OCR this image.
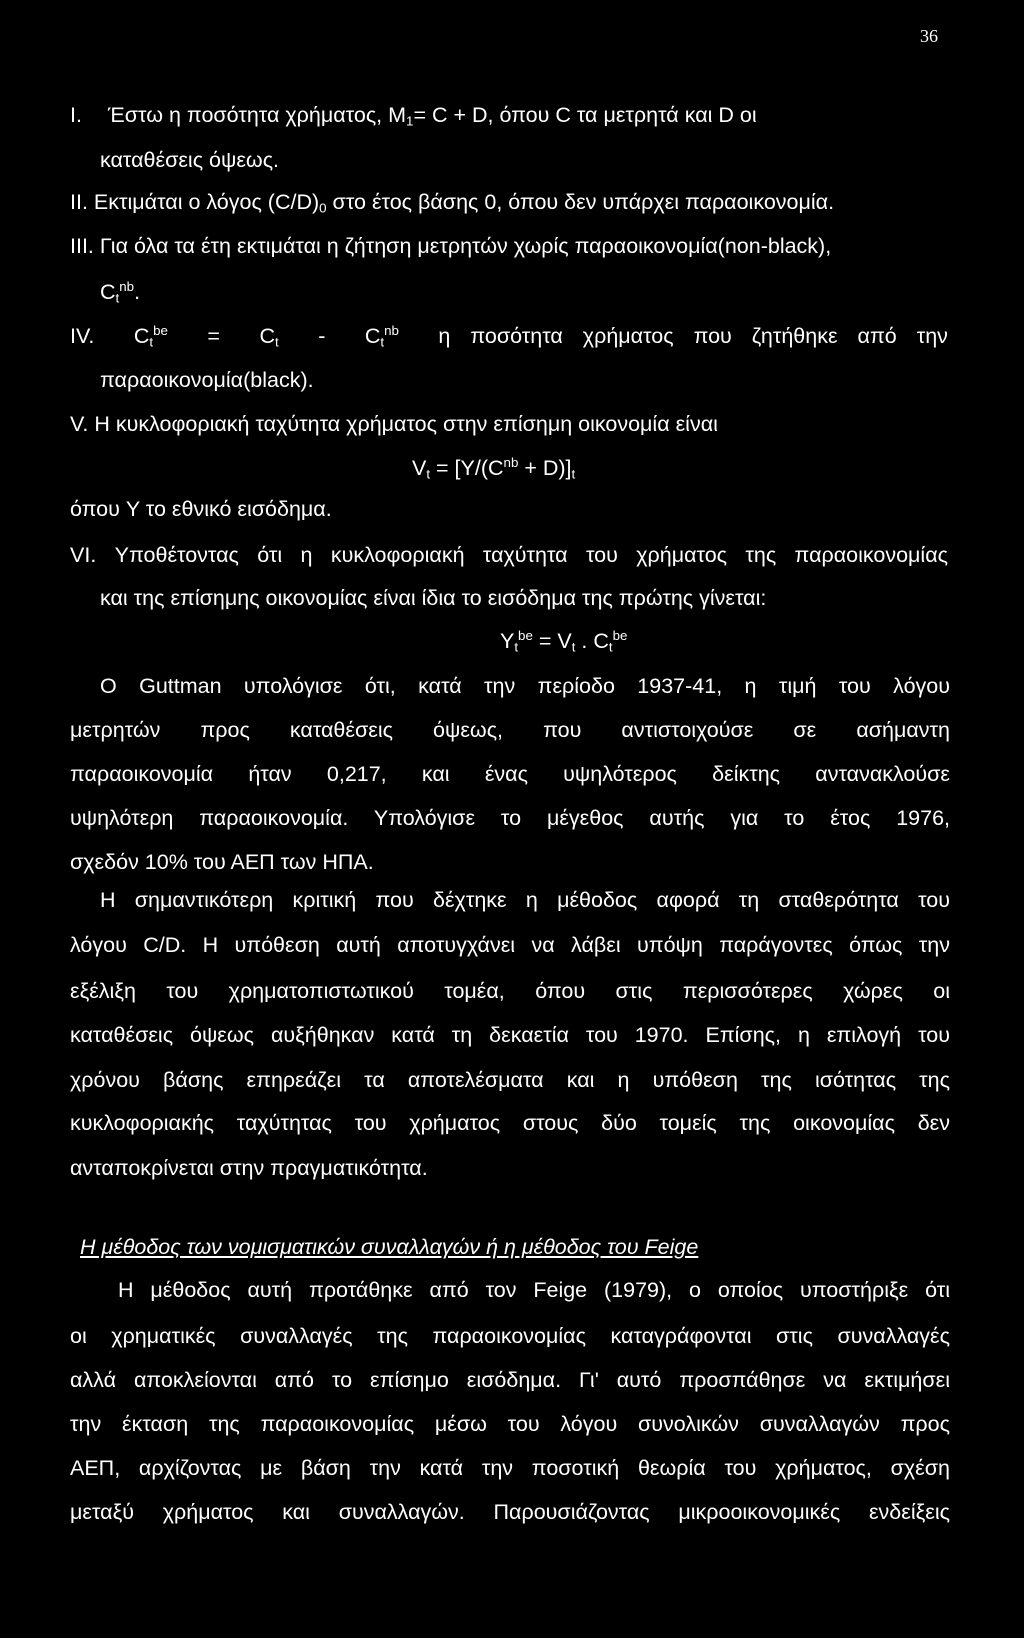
36
I. Έστω η ποσότητα χρήματος, $M_1= C + D$, όπου C τα μετρητά και D οι
καταθέσεις όψεως.
II. Εκτιμάται ο λόγος $(C/D)_0$ στο έτος βάσης 0, όπου δεν υπάρχει παραοικονομία.
III. Για όλα τα έτη εκτιμάται η ζήτηση μετρητών χωρίς παραοικονομία(non-black),
$C_t^{nb}$.
IV. $C_t^{be} = C_t - C_t^{nb}$ η ποσότητα χρήματος που ζητήθηκε από την
παραοικονομία(black).
V. Η κυκλοφοριακή ταχύτητα χρήματος στην επίσημη οικονομία είναι
$V_t = [Y/(C^{nb} + D)]_t$
όπου Y το εθνικό εισόδημα.
VI. Υποθέτοντας ότι η κυκλοφοριακή ταχύτητα του χρήματος της παραοικονομίας
και της επίσημης οικονομίας είναι ίδια το εισόδημα της πρώτης γίνεται:
$Y_t^{be} = V_t$ . $C_t^{be}$
Ο Guttman υπολόγισε ότι, κατά την περίοδο 1937-41, η τιμή του λόγου
μετρητών προς καταθέσεις όψεως, που αντιστοιχούσε σε ασήμαντη
παραοικονομία ήταν 0,217, και ένας υψηλότερος δείκτης αντανακλούσε
υψηλότερη παραοικονομία. Υπολόγισε το μέγεθος αυτής για το έτος 1976,
σχεδόν 10% του ΑΕΠ των ΗΠΑ.
Η σημαντικότερη κριτική που δέχτηκε η μέθοδος αφορά τη σταθερότητα του
λόγου C/D. Η υπόθεση αυτή αποτυγχάνει να λάβει υπόψη παράγοντες όπως την
εξέλιξη του χρηματοπιστωτικού τομέα, όπου στις περισσότερες χώρες οι
καταθέσεις όψεως αυξήθηκαν κατά τη δεκαετία του 1970. Επίσης, η επιλογή του
χρόνου βάσης επηρεάζει τα αποτελέσματα και η υπόθεση της ισότητας της
κυκλοφοριακής ταχύτητας του χρήματος στους δύο τομείς της οικονομίας δεν
ανταποκρίνεται στην πραγματικότητα.
Η μέθοδος των νομισματικών συναλλαγών ή η μέθοδος του Feige
Η μέθοδος αυτή προτάθηκε από τον Feige (1979), ο οποίος υποστήριξε ότι
οι χρηματικές συναλλαγές της παραοικονομίας καταγράφονται στις συναλλαγές
αλλά αποκλείονται από το επίσημο εισόδημα. Γι' αυτό προσπάθησε να εκτιμήσει
την έκταση της παραοικονομίας μέσω του λόγου συνολικών συναλλαγών προς
ΑΕΠ, αρχίζοντας με βάση την κατά την ποσοτική θεωρία του χρήματος, σχέση
μεταξύ χρήματος και συναλλαγών. Παρουσιάζοντας μικροοικονομικές ενδείξεις
